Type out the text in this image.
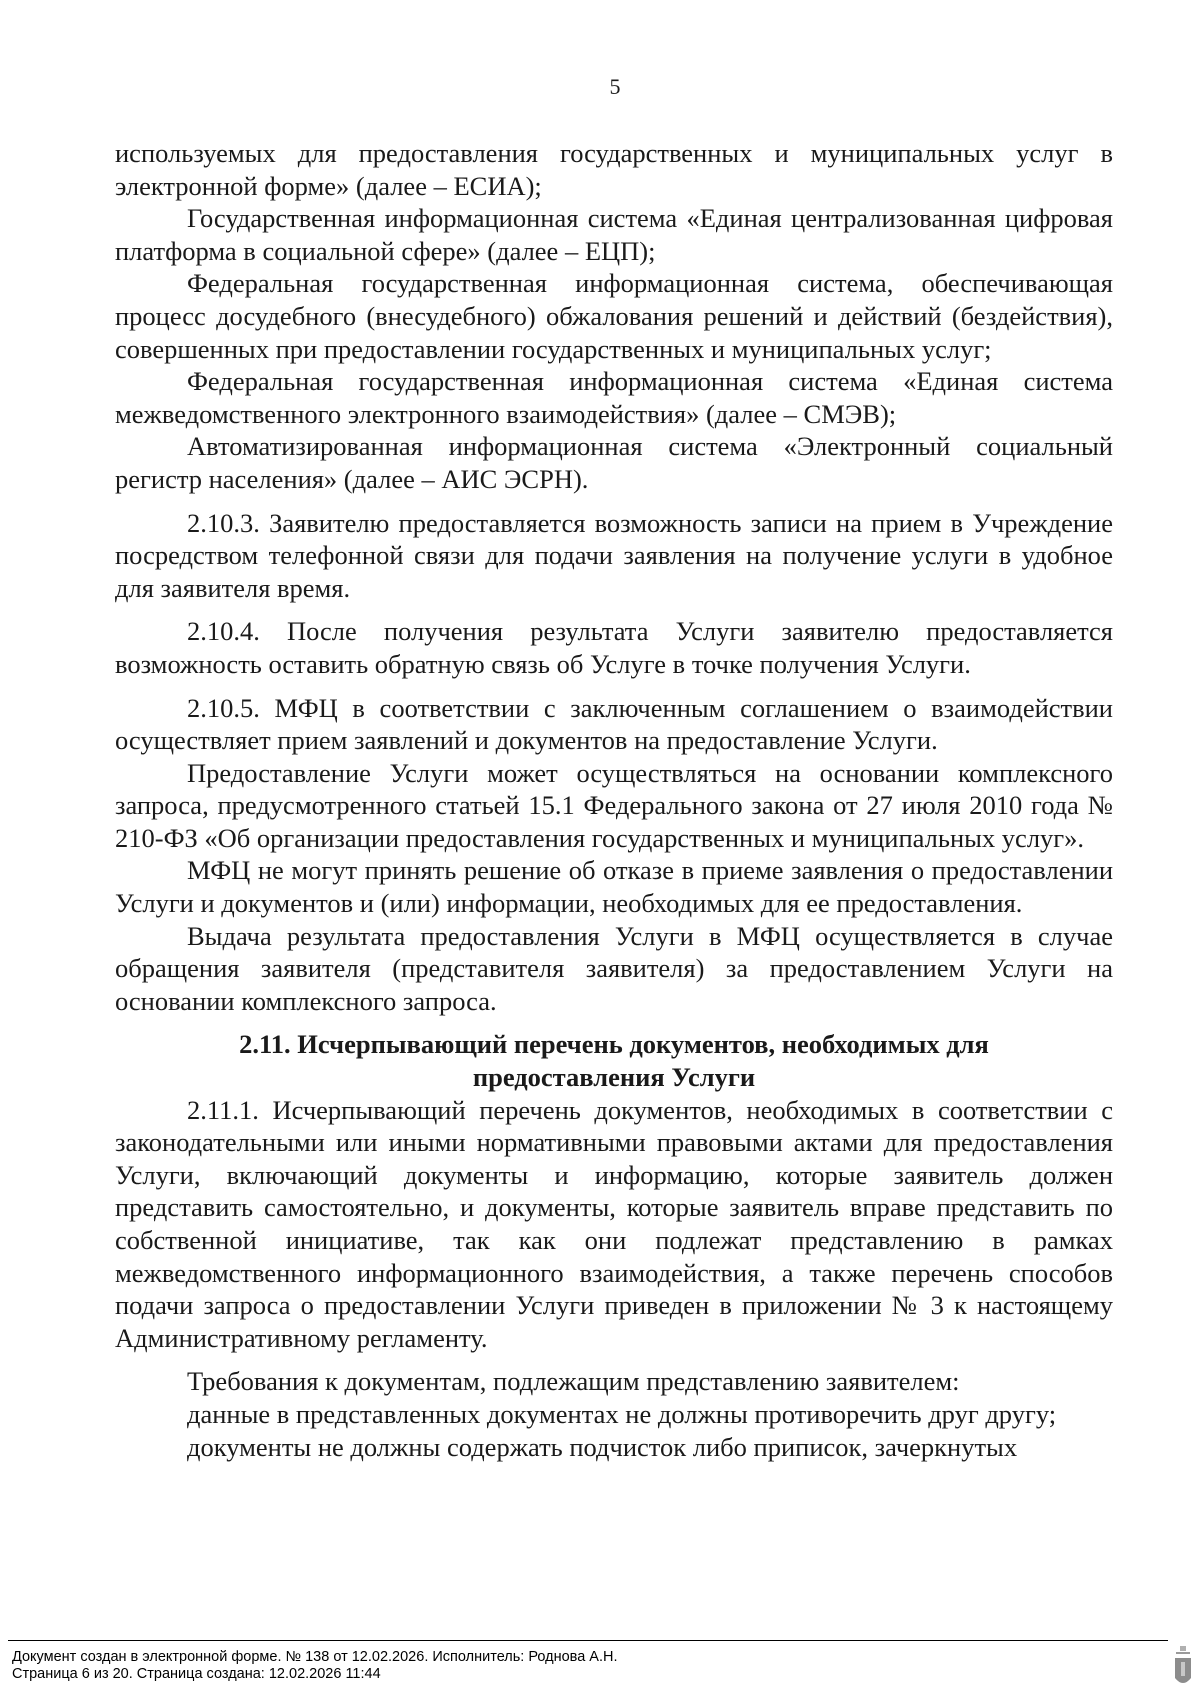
5

используемых для предоставления государственных и муниципальных услуг в электронной форме» (далее – ЕСИА);

Государственная информационная система «Единая централизованная цифровая платформа в социальной сфере» (далее – ЕЦП);

Федеральная государственная информационная система, обеспечивающая процесс досудебного (внесудебного) обжалования решений и действий (бездействия), совершенных при предоставлении государственных и муниципальных услуг;

Федеральная государственная информационная система «Единая система межведомственного электронного взаимодействия» (далее – СМЭВ);

Автоматизированная информационная система «Электронный социальный регистр населения» (далее – АИС ЭСРН).

2.10.3. Заявителю предоставляется возможность записи на прием в Учреждение посредством телефонной связи для подачи заявления на получение услуги в удобное для заявителя время.

2.10.4. После получения результата Услуги заявителю предоставляется возможность оставить обратную связь об Услуге в точке получения Услуги.

2.10.5. МФЦ в соответствии с заключенным соглашением о взаимодействии осуществляет прием заявлений и документов на предоставление Услуги.

Предоставление Услуги может осуществляться на основании комплексного запроса, предусмотренного статьей 15.1 Федерального закона от 27 июля 2010 года № 210-ФЗ «Об организации предоставления государственных и муниципальных услуг».

МФЦ не могут принять решение об отказе в приеме заявления о предоставлении Услуги и документов и (или) информации, необходимых для ее предоставления.

Выдача результата предоставления Услуги в МФЦ осуществляется в случае обращения заявителя (представителя заявителя) за предоставлением Услуги на основании комплексного запроса.

2.11. Исчерпывающий перечень документов, необходимых для предоставления Услуги

2.11.1. Исчерпывающий перечень документов, необходимых в соответствии с законодательными или иными нормативными правовыми актами для предоставления Услуги, включающий документы и информацию, которые заявитель должен представить самостоятельно, и документы, которые заявитель вправе представить по собственной инициативе, так как они подлежат представлению в рамках межведомственного информационного взаимодействия, а также перечень способов подачи запроса о предоставлении Услуги приведен в приложении № 3 к настоящему Административному регламенту.

Требования к документам, подлежащим представлению заявителем:

данные в представленных документах не должны противоречить друг другу;

документы не должны содержать подчисток либо приписок, зачеркнутых

Документ создан в электронной форме. № 138 от 12.02.2026. Исполнитель: Роднова А.Н.
Страница 6 из 20. Страница создана: 12.02.2026 11:44
